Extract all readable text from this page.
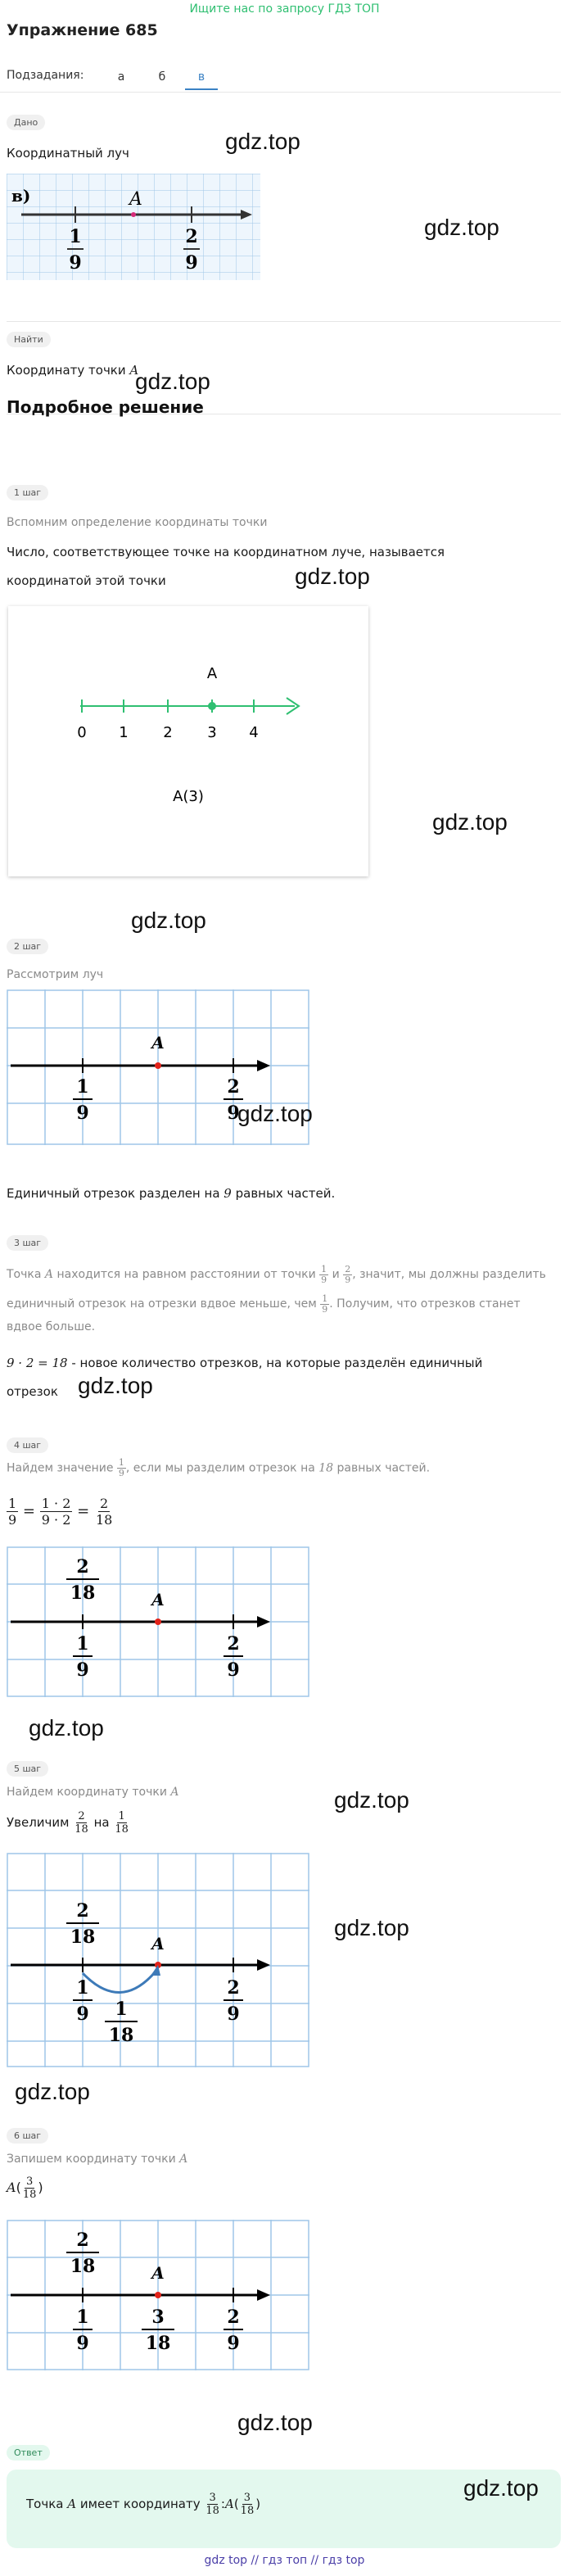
Ищите нас по запросу ГДЗ ТОП
Упражнение 685
Подзадания:	а	б	в
Дано
Координатный луч	gdz.top
в)	A
1
9
2
9
gdz.top
Найти
Координату точки A
Подробное решение
gdz.top
1 шаг
Вспомним определение координаты точки
Число, соответствующее точке на координатном луче, называется
координатой этой точки	gdz.top
A
0 1 2 3 4
A(3)
gdz.top
gdz.top
2 шаг
Рассмотрим луч
A
1
9
2
9
gdz.top
Единичный отрезок разделен на 9 равных частей.
3 шаг
Точка A находится на равном расстоянии от точки $\frac{1}{9}$ и $\frac{2}{9}$ , значит, мы должны разделить
единичный отрезок на отрезки вдвое меньше, чем $\frac{1}{9}$ . Получим, что отрезков станет
вдвое больше.
9 · 2 = 18 - новое количество отрезков, на которые разделён единичный
отрезок gdz.top
4 шаг
Найдем значение $\frac{1}{9}$ , если мы разделим отрезок на 18 равных частей.
$\frac{1}{9} = \frac{1 \cdot 2}{9 \cdot 2} = \frac{2}{18}$
A
2
18
1
9
2
9
gdz.top
5 шаг
Найдем координату точки A	gdz.top
Увеличим $\frac{2}{18}$ на $\frac{1}{18}$
A
2
18
1
9 1
18
2
9
gdz.top
gdz.top
6 шаг
Запишем координату точки A
$A( \frac{3}{18}$ )
A
2
18
1
9
3
18
2
9
gdz.top
Ответ
Точка A имеет координату $\frac{3}{18}$ :A( $\frac{3}{18}$ )
gdz.top
gdz top // гдз топ // гдз top
